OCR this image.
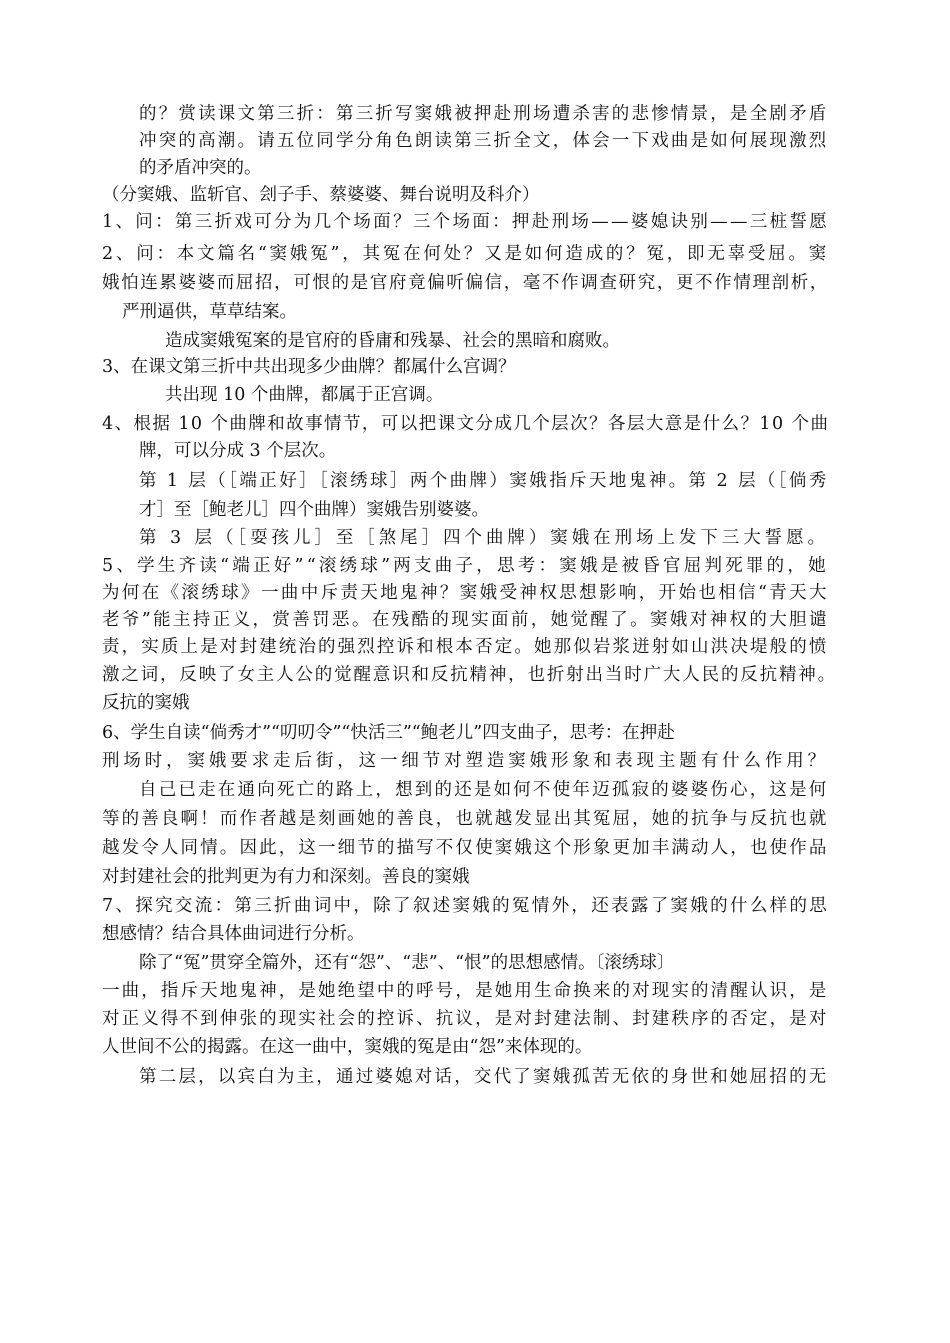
的？赏读课文第三折：第三折写窦娥被押赴刑场遭杀害的悲惨情景，是全剧矛盾
冲突的高潮。请五位同学分角色朗读第三折全文，体会一下戏曲是如何展现激烈
的矛盾冲突的。
（分窦娥、监斩官、刽子手、蔡婆婆、舞台说明及科介）
1、问：第三折戏可分为几个场面？三个场面：押赴刑场——婆媳诀别——三桩誓愿
2、问：本文篇名“窦娥冤”，其冤在何处？又是如何造成的？冤，即无辜受屈。窦
娥怕连累婆婆而屈招，可恨的是官府竟偏听偏信，毫不作调查研究，更不作情理剖析，
严刑逼供，草草结案。
造成窦娥冤案的是官府的昏庸和残暴、社会的黑暗和腐败。
3、在课文第三折中共出现多少曲牌？都属什么宫调？
共出现 10 个曲牌，都属于正宫调。
4、根据 10 个曲牌和故事情节，可以把课文分成几个层次？各层大意是什么？10 个曲
牌，可以分成 3 个层次。
第 1 层（［端正好］［滚绣球］两个曲牌）窦娥指斥天地鬼神。第 2 层（［倘秀
才］至［鲍老儿］四个曲牌）窦娥告别婆婆。
第 3 层（［耍孩儿］至［煞尾］四个曲牌）窦娥在刑场上发下三大誓愿。
5、学生齐读“端正好”“滚绣球”两支曲子，思考：窦娥是被昏官屈判死罪的，她
为何在《滚绣球》一曲中斥责天地鬼神？窦娥受神权思想影响，开始也相信“青天大
老爷”能主持正义，赏善罚恶。在残酷的现实面前，她觉醒了。窦娥对神权的大胆谴
责，实质上是对封建统治的强烈控诉和根本否定。她那似岩浆迸射如山洪决堤般的愤
激之词，反映了女主人公的觉醒意识和反抗精神，也折射出当时广大人民的反抗精神。
反抗的窦娥
6、学生自读“倘秀才”“叨叨令”“快活三”“鲍老儿”四支曲子，思考：在押赴
刑场时，窦娥要求走后街，这一细节对塑造窦娥形象和表现主题有什么作用？
自己已走在通向死亡的路上，想到的还是如何不使年迈孤寂的婆婆伤心，这是何
等的善良啊！而作者越是刻画她的善良，也就越发显出其冤屈，她的抗争与反抗也就
越发令人同情。因此，这一细节的描写不仅使窦娥这个形象更加丰满动人，也使作品
对封建社会的批判更为有力和深刻。善良的窦娥
7、探究交流：第三折曲词中，除了叙述窦娥的冤情外，还表露了窦娥的什么样的思
想感情？结合具体曲词进行分析。
除了“冤”贯穿全篇外，还有“怨”、“悲”、“恨”的思想感情。〔滚绣球〕
一曲，指斥天地鬼神，是她绝望中的呼号，是她用生命换来的对现实的清醒认识，是
对正义得不到伸张的现实社会的控诉、抗议，是对封建法制、封建秩序的否定，是对
人世间不公的揭露。在这一曲中，窦娥的冤是由“怨”来体现的。
第二层，以宾白为主，通过婆媳对话，交代了窦娥孤苦无依的身世和她屈招的无
